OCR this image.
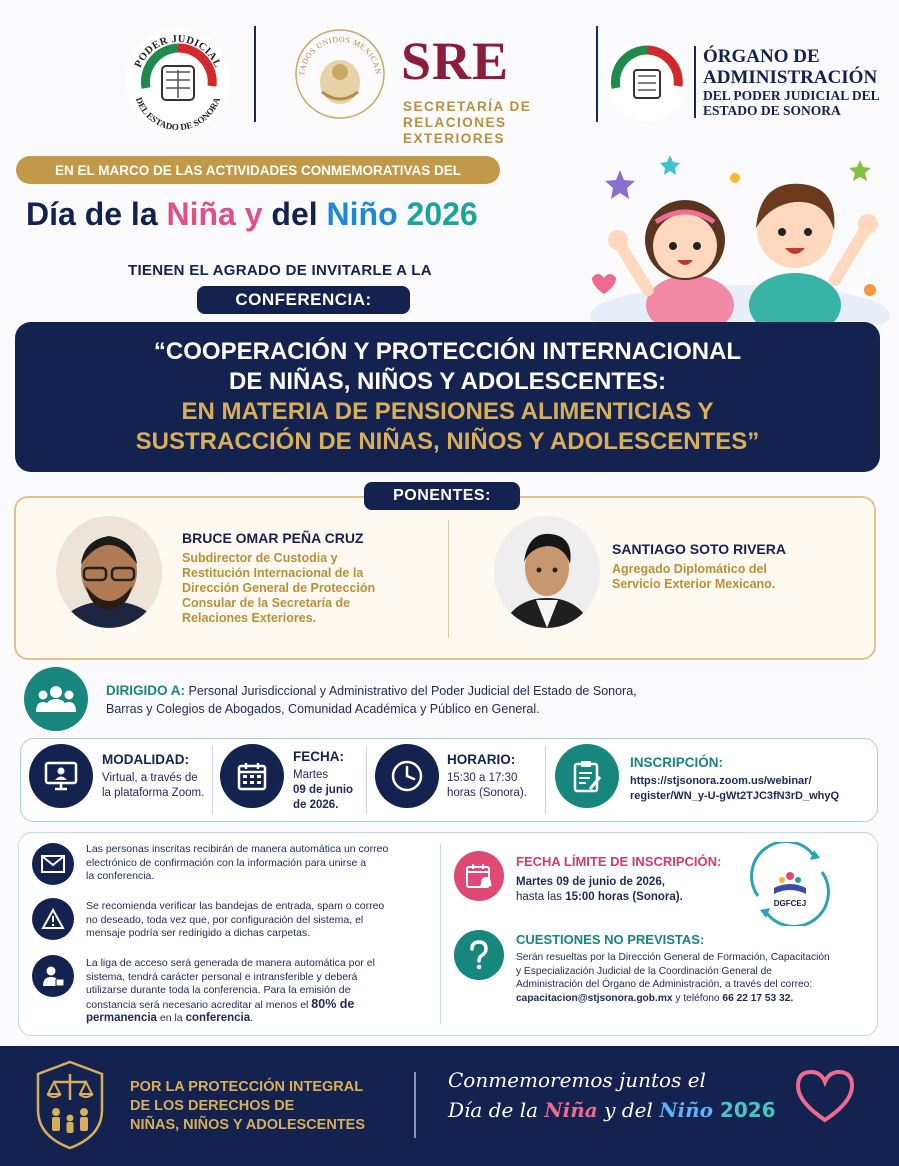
PODER JUDICIAL
DEL ESTADO DE SONORA
TADOS UNIDOS MEXICAN SRE
SECRETARÍA DE
RELACIONES
EXTERIORES
ÓRGANO DE
ADMINISTRACIÓN
DEL PODER JUDICIAL DEL
ESTADO DE SONORA
EN EL MARCO DE LAS ACTIVIDADES CONMEMORATIVAS DEL
Día de la Niña y del Niño 2026
TIENEN EL AGRADO DE INVITARLE A LA
CONFERENCIA:
“COOPERACIÓN Y PROTECCIÓN INTERNACIONAL
DE NIÑAS, NIÑOS Y ADOLESCENTES:
EN MATERIA DE PENSIONES ALIMENTICIAS Y
SUSTRACCIÓN DE NIÑAS, NIÑOS Y ADOLESCENTES”
PONENTES:
BRUCE OMAR PEÑA CRUZ
Subdirector de Custodia y
Restitución Internacional de la
Dirección General de Protección
Consular de la Secretaría de
Relaciones Exteriores.
SANTIAGO SOTO RIVERA
Agregado Diplomático del
Servicio Exterior Mexicano.
DIRIGIDO A: Personal Jurisdiccional y Administrativo del Poder Judicial del Estado de Sonora,
Barras y Colegios de Abogados, Comunidad Académica y Público en General.
MODALIDAD:
Virtual, a través de
la plataforma Zoom.
FECHA:
Martes
09 de junio
de 2026.
HORARIO:
15:30 a 17:30
horas (Sonora).
INSCRIPCIÓN:
https://stjsonora.zoom.us/webinar/
register/WN_y-U-gWt2TJC3fN3rD_whyQ
Las personas inscritas recibirán de manera automática un correo
electrónico de confirmación con la información para unirse a
la conferencia.
Se recomienda verificar las bandejas de entrada, spam o correo
no deseado, toda vez que, por configuración del sistema, el
mensaje podría ser redirigido a dichas carpetas.
La liga de acceso será generada de manera automática por el
sistema, tendrá carácter personal e intransferible y deberá
utilizarse durante toda la conferencia. Para la emisión de
constancia será necesario acreditar al menos el 80% de
permanencia en la conferencia.
FECHA LÍMITE DE INSCRIPCIÓN:
Martes 09 de junio de 2026,
hasta las 15:00 horas (Sonora).
DGFCEJ
CUESTIONES NO PREVISTAS:
Serán resueltas por la Dirección General de Formación, Capacitación
y Especialización Judicial de la Coordinación General de
Administración del Órgano de Administración, a través del correo:
capacitacion@stjsonora.gob.mx y teléfono 66 22 17 53 32.
POR LA PROTECCIÓN INTEGRAL
DE LOS DERECHOS DE
NIÑAS, NIÑOS Y ADOLESCENTES
Conmemoremos juntos el
Día de la Niña y del Niño 2026
